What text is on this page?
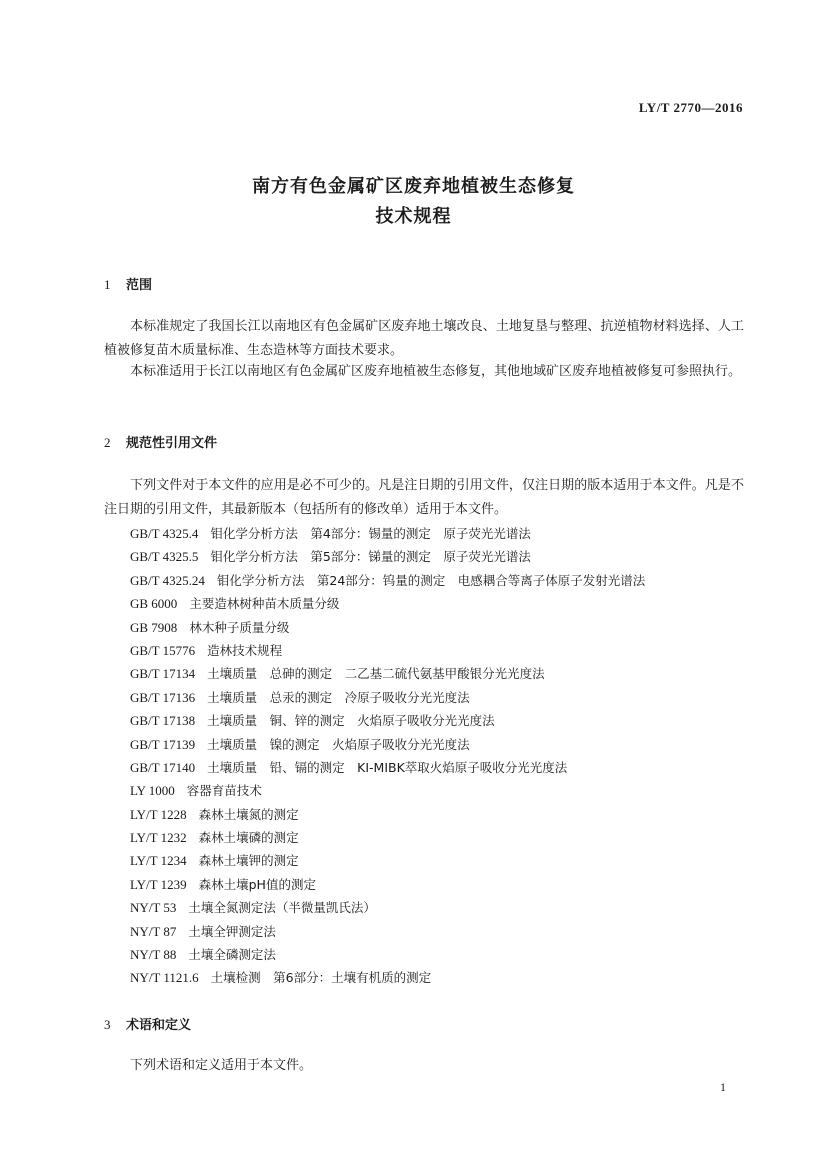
LY/T 2770—2016
南方有色金属矿区废弃地植被生态修复
技术规程
1 范围
本标准规定了我国长江以南地区有色金属矿区废弃地土壤改良、土地复垦与整理、抗逆植物材料选择、人工植被修复苗木质量标准、生态造林等方面技术要求。
本标准适用于长江以南地区有色金属矿区废弃地植被生态修复，其他地域矿区废弃地植被修复可参照执行。
2 规范性引用文件
下列文件对于本文件的应用是必不可少的。凡是注日期的引用文件，仅注日期的版本适用于本文件。凡是不注日期的引用文件，其最新版本（包括所有的修改单）适用于本文件。
GB/T 4325.4 钼化学分析方法　第4部分：锡量的测定　原子荧光光谱法
GB/T 4325.5 钼化学分析方法　第5部分：锑量的测定　原子荧光光谱法
GB/T 4325.24 钼化学分析方法　第24部分：钨量的测定　电感耦合等离子体原子发射光谱法
GB 6000 主要造林树种苗木质量分级
GB 7908 林木种子质量分级
GB/T 15776 造林技术规程
GB/T 17134 土壤质量　总砷的测定　二乙基二硫代氨基甲酸银分光光度法
GB/T 17136 土壤质量　总汞的测定　冷原子吸收分光光度法
GB/T 17138 土壤质量　铜、锌的测定　火焰原子吸收分光光度法
GB/T 17139 土壤质量　镍的测定　火焰原子吸收分光光度法
GB/T 17140 土壤质量　铅、镉的测定　KI-MIBK萃取火焰原子吸收分光光度法
LY 1000 容器育苗技术
LY/T 1228 森林土壤氮的测定
LY/T 1232 森林土壤磷的测定
LY/T 1234 森林土壤钾的测定
LY/T 1239 森林土壤pH值的测定
NY/T 53 土壤全氮测定法（半微量凯氏法）
NY/T 87 土壤全钾测定法
NY/T 88 土壤全磷测定法
NY/T 1121.6 土壤检测　第6部分：土壤有机质的测定
3 术语和定义
下列术语和定义适用于本文件。
1
